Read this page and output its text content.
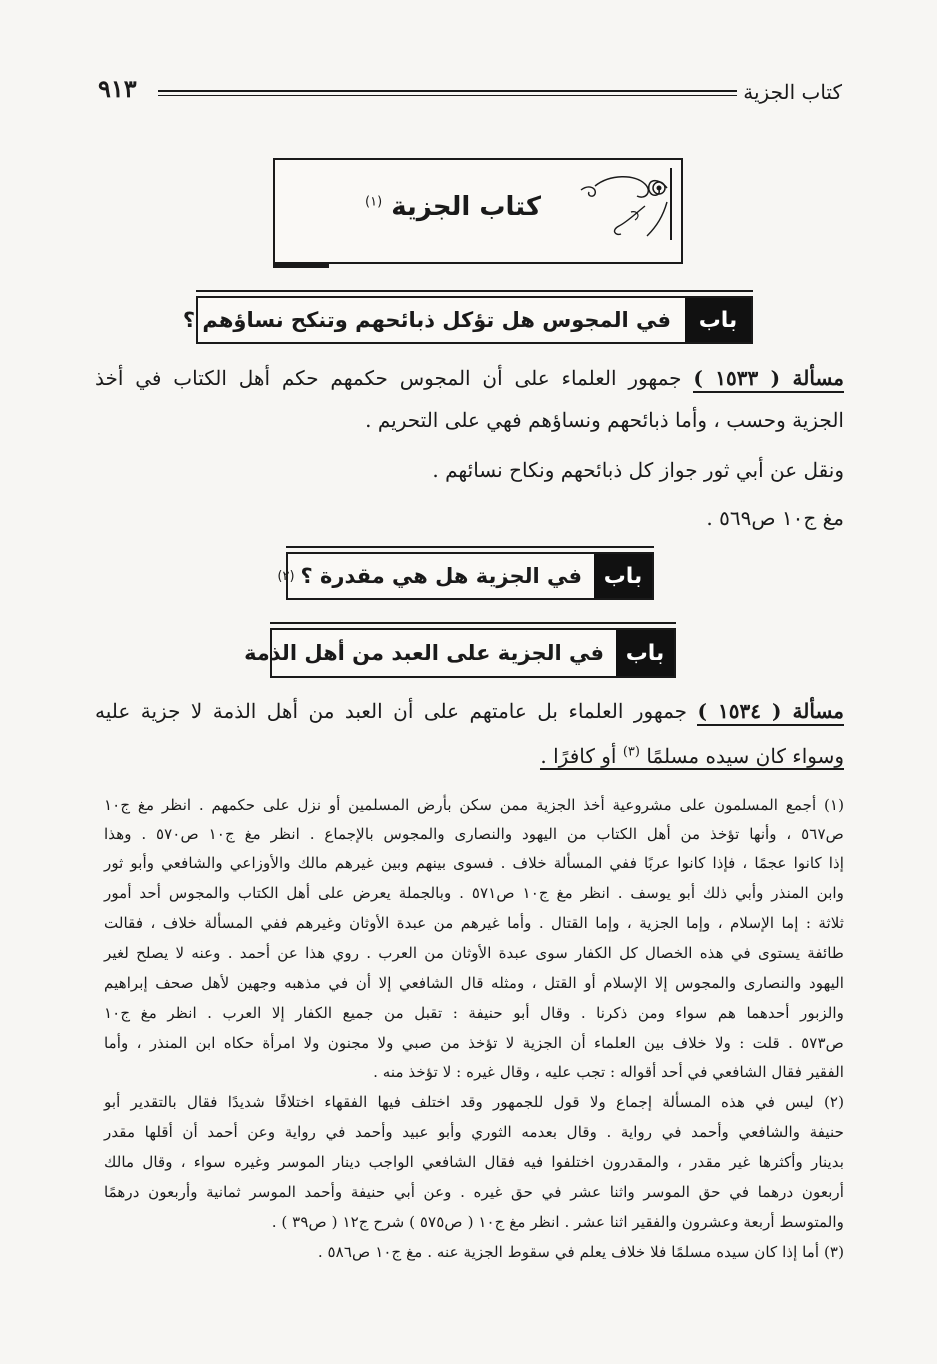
كتاب الجزية
٩١٣
كتاب الجزية $^{(١)}$
باب
في المجوس هل تؤكل ذبائحهم وتنكح نساؤهم ؟
مسألة ( ١٥٣٣ ) جمهور العلماء على أن المجوس حكمهم حكم أهل الكتاب في أخذ
الجزية وحسب ، وأما ذبائحهم ونساؤهم فهي على التحريم .
ونقل عن أبي ثور جواز كل ذبائحهم ونكاح نسائهم .
مغ ج١٠ ص٥٦٩ .
باب
في الجزية هل هي مقدرة ؟
(٢)
باب
في الجزية على العبد من أهل الذمة
مسألة ( ١٥٣٤ ) جمهور العلماء بل عامتهم على أن العبد من أهل الذمة لا جزية عليه
وسواء كان سيده مسلمًا $^{(٣)}$ أو كافرًا .
(١) أجمع المسلمون على مشروعية أخذ الجزية ممن سكن بأرض المسلمين أو نزل على حكمهم . انظر مغ ج١٠
ص٥٦٧ ، وأنها تؤخذ من أهل الكتاب من اليهود والنصارى والمجوس بالإجماع . انظر مغ ج١٠ ص٥٧٠ . وهذا
إذا كانوا عجمًا ، فإذا كانوا عربًا ففي المسألة خلاف . فسوى بينهم وبين غيرهم مالك والأوزاعي والشافعي وأبو ثور
وابن المنذر وأبي ذلك أبو يوسف . انظر مغ ج١٠ ص٥٧١ . وبالجملة يعرض على أهل الكتاب والمجوس أحد أمور
ثلاثة : إما الإسلام ، وإما الجزية ، وإما القتال . وأما غيرهم من عبدة الأوثان وغيرهم ففي المسألة خلاف ، فقالت
طائفة يستوى في هذه الخصال كل الكفار سوى عبدة الأوثان من العرب . روي هذا عن أحمد . وعنه لا يصلح لغير
اليهود والنصارى والمجوس إلا الإسلام أو القتل ، ومثله قال الشافعي إلا أن في مذهبه وجهين لأهل صحف إبراهيم
والزبور أحدهما هم سواء ومن ذكرنا . وقال أبو حنيفة : تقبل من جميع الكفار إلا العرب . انظر مغ ج١٠
ص٥٧٣ . قلت : ولا خلاف بين العلماء أن الجزية لا تؤخذ من صبي ولا مجنون ولا امرأة حكاه ابن المنذر ، وأما
الفقير فقال الشافعي في أحد أقواله : تجب عليه ، وقال غيره : لا تؤخذ منه .
(٢) ليس في هذه المسألة إجماع ولا قول للجمهور وقد اختلف فيها الفقهاء اختلافًا شديدًا فقال بالتقدير أبو
حنيفة والشافعي وأحمد في رواية . وقال بعدمه الثوري وأبو عبيد وأحمد في رواية وعن أحمد أن أقلها مقدر
بدينار وأكثرها غير مقدر ، والمقدرون اختلفوا فيه فقال الشافعي الواجب دينار الموسر وغيره سواء ، وقال مالك
أربعون درهما في حق الموسر واثنا عشر في حق غيره . وعن أبي حنيفة وأحمد الموسر ثمانية وأربعون درهمًا
والمتوسط أربعة وعشرون والفقير اثنا عشر . انظر مغ ج١٠ ( ص٥٧٥ ) شرح ج١٢ ( ص٣٩ ) .
(٣) أما إذا كان سيده مسلمًا فلا خلاف يعلم في سقوط الجزية عنه . مغ ج١٠ ص٥٨٦ .
